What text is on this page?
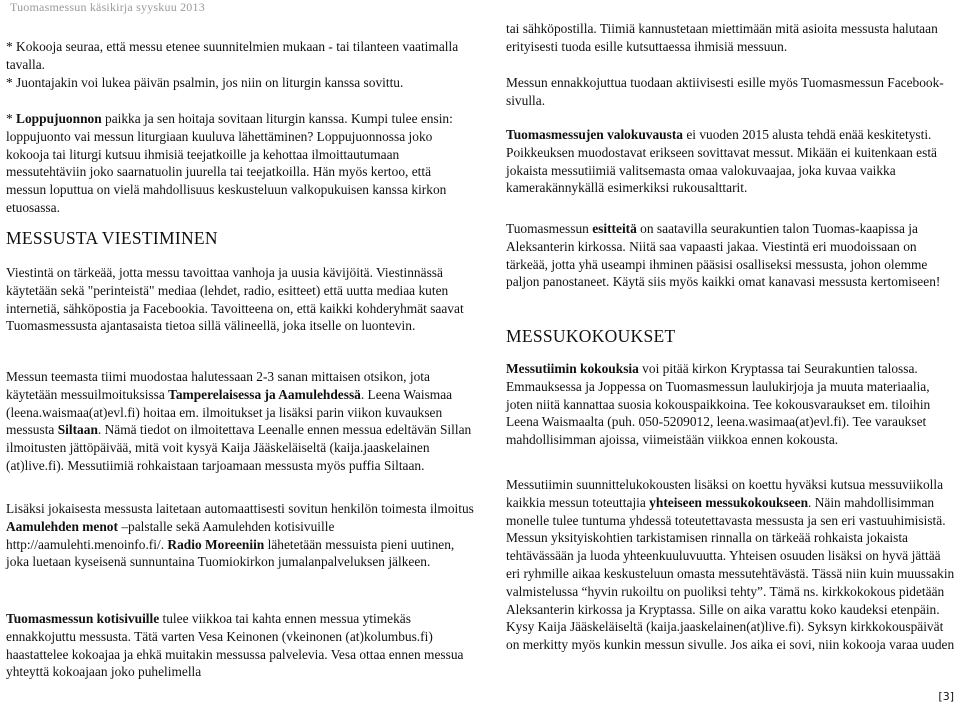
Tuomasmessun käsikirja syyskuu 2013

* Kokooja seuraa, että messu etenee suunnitelmien mukaan - tai tilanteen vaatimalla tavalla.

* Juontajakin voi lukea päivän psalmin, jos niin on liturgin kanssa sovittu.

* Loppujuonnon paikka ja sen hoitaja sovitaan liturgin kanssa. Kumpi tulee ensin: loppujuonto vai messun liturgiaan kuuluva lähettäminen? Loppujuonnossa joko kokooja tai liturgi kutsuu ihmisiä teejatkoille ja kehottaa ilmoittautumaan messutehtäviin joko saarnatuolin juurella tai teejatkoilla. Hän myös kertoo, että messun loputtua on vielä mahdollisuus keskusteluun valkopukuisen kanssa kirkon etuosassa.

MESSUSTA VIESTIMINEN

Viestintä on tärkeää, jotta messu tavoittaa vanhoja ja uusia kävijöitä. Viestinnässä käytetään sekä "perinteistä" mediaa (lehdet, radio, esitteet) että uutta mediaa kuten internetiä, sähköpostia ja Facebookia. Tavoitteena on, että kaikki kohderyhmät saavat Tuomasmessusta ajantasaista tietoa sillä välineellä, joka itselle on luontevin.

Messun teemasta tiimi muodostaa halutessaan 2-3 sanan mittaisen otsikon, jota käytetään messuilmoituksissa Tamperelaisessa ja Aamulehdessä. Leena Waismaa (leena.waismaa(at)evl.fi) hoitaa em. ilmoitukset ja lisäksi parin viikon kuvauksen messusta Siltaan. Nämä tiedot on ilmoitettava Leenalle ennen messua edeltävän Sillan ilmoitusten jättöpäivää, mitä voit kysyä Kaija Jääskeläiseltä (kaija.jaaskelainen (at)live.fi). Messutiimiä rohkaistaan tarjoamaan messusta myös puffia Siltaan.

Lisäksi jokaisesta messusta laitetaan automaattisesti sovitun henkilön toimesta ilmoitus Aamulehden menot –palstalle sekä Aamulehden kotisivuille http://aamulehti.menoinfo.fi/. Radio Moreeniin lähetetään messuista pieni uutinen, joka luetaan kyseisenä sunnuntaina Tuomiokirkon jumalanpalveluksen jälkeen.

Tuomasmessun kotisivuille tulee viikkoa tai kahta ennen messua ytimekäs ennakkojuttu messusta. Tätä varten Vesa Keinonen (vkeinonen (at)kolumbus.fi) haastattelee kokoajaa ja ehkä muitakin messussa palvelevia. Vesa ottaa ennen messua yhteyttä kokoajaan joko puhelimella

tai sähköpostilla. Tiimiä kannustetaan miettimään mitä asioita messusta halutaan erityisesti tuoda esille kutsuttaessa ihmisiä messuun.

Messun ennakkojuttua tuodaan aktiivisesti esille myös Tuomasmessun Facebook-sivulla.

Tuomasmessujen valokuvausta ei vuoden 2015 alusta tehdä enää keskitetysti. Poikkeuksen muodostavat erikseen sovittavat messut. Mikään ei kuitenkaan estä jokaista messutiimiä valitsemasta omaa valokuvaajaa, joka kuvaa vaikka kamerakännykällä esimerkiksi rukousalttarit.

Tuomasmessun esitteitä on saatavilla seurakuntien talon Tuomas-kaapissa ja Aleksanterin kirkossa. Niitä saa vapaasti jakaa. Viestintä eri muodoissaan on tärkeää, jotta yhä useampi ihminen pääsisi osalliseksi messusta, johon olemme paljon panostaneet. Käytä siis myös kaikki omat kanavasi messusta kertomiseen!

MESSUKOKOUKSET

Messutiimin kokouksia voi pitää kirkon Kryptassa tai Seurakuntien talossa. Emmauksessa ja Joppessa on Tuomasmessun laulukirjoja ja muuta materiaalia, joten niitä kannattaa suosia kokouspaikkoina. Tee kokousvaraukset em. tiloihin Leena Waismaalta (puh. 050-5209012, leena.wasimaa(at)evl.fi). Tee varaukset mahdollisimman ajoissa, viimeistään viikkoa ennen kokousta.

Messutiimin suunnittelukokousten lisäksi on koettu hyväksi kutsua messuviikolla kaikkia messun toteuttajia yhteiseen messukokoukseen. Näin mahdollisimman monelle tulee tuntuma yhdessä toteutettavasta messusta ja sen eri vastuuhimisistä. Messun yksityiskohtien tarkistamisen rinnalla on tärkeää rohkaista jokaista tehtävässään ja luoda yhteenkuuluvuutta. Yhteisen osuuden lisäksi on hyvä jättää eri ryhmille aikaa keskusteluun omasta messutehtävästä. Tässä niin kuin muussakin valmistelussa “hyvin rukoiltu on puoliksi tehty”. Tämä ns. kirkkokokous pidetään Aleksanterin kirkossa ja Kryptassa. Sille on aika varattu koko kaudeksi etenpäin. Kysy Kaija Jääskeläiseltä (kaija.jaaskelainen(at)live.fi). Syksyn kirkkokouspäivät on merkitty myös kunkin messun sivulle. Jos aika ei sovi, niin kokooja varaa uuden

[3]
